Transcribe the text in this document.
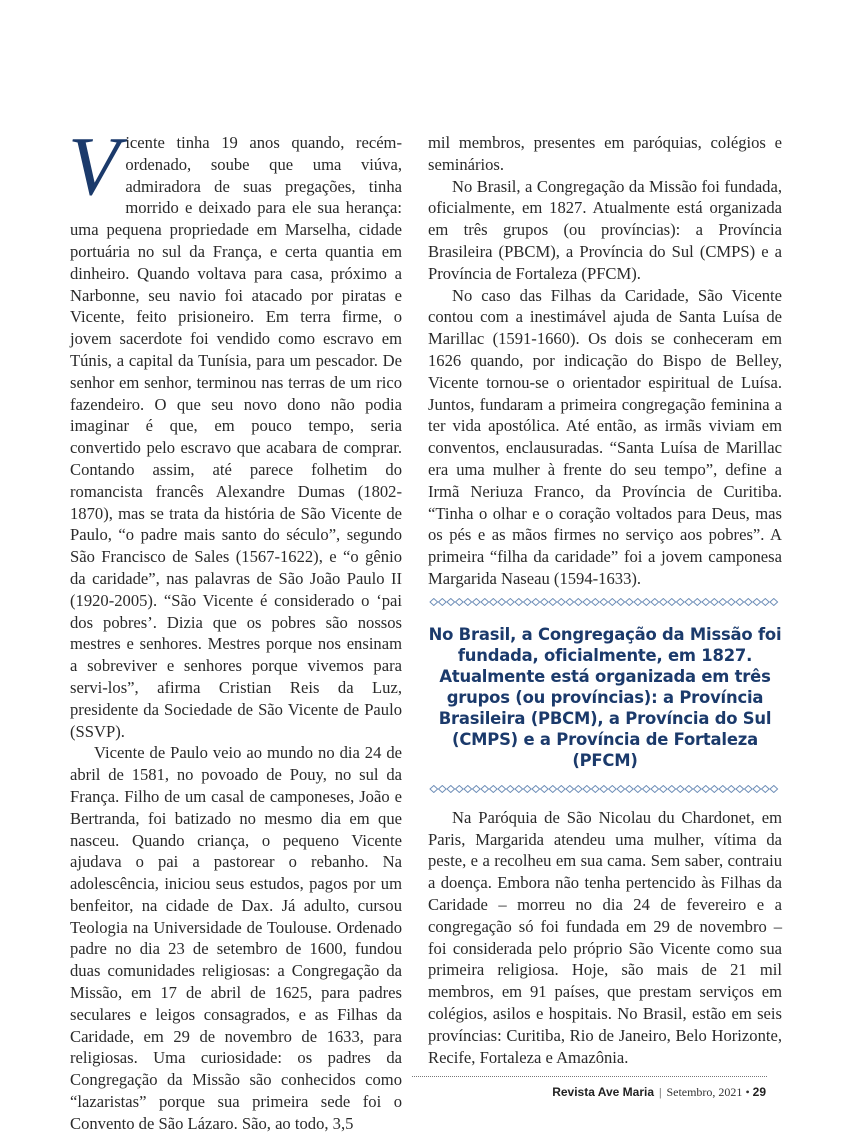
Vicente tinha 19 anos quando, recém-ordenado, soube que uma viúva, admiradora de suas pregações, tinha morrido e deixado para ele sua herança: uma pequena propriedade em Marselha, cidade portuária no sul da França, e certa quantia em dinheiro. Quando voltava para casa, próximo a Narbonne, seu navio foi atacado por piratas e Vicente, feito prisioneiro. Em terra firme, o jovem sacerdote foi vendido como escravo em Túnis, a capital da Tunísia, para um pescador. De senhor em senhor, terminou nas terras de um rico fazendeiro. O que seu novo dono não podia imaginar é que, em pouco tempo, seria convertido pelo escravo que acabara de comprar. Contando assim, até parece folhetim do romancista francês Alexandre Dumas (1802-1870), mas se trata da história de São Vicente de Paulo, “o padre mais santo do século”, segundo São Francisco de Sales (1567-1622), e “o gênio da caridade”, nas palavras de São João Paulo II (1920-2005). “São Vicente é considerado o ‘pai dos pobres’. Dizia que os pobres são nossos mestres e senhores. Mestres porque nos ensinam a sobreviver e senhores porque vivemos para servi-los”, afirma Cristian Reis da Luz, presidente da Sociedade de São Vicente de Paulo (SSVP).

Vicente de Paulo veio ao mundo no dia 24 de abril de 1581, no povoado de Pouy, no sul da França. Filho de um casal de camponeses, João e Bertranda, foi batizado no mesmo dia em que nasceu. Quando criança, o pequeno Vicente ajudava o pai a pastorear o rebanho. Na adolescência, iniciou seus estudos, pagos por um benfeitor, na cidade de Dax. Já adulto, cursou Teologia na Universidade de Toulouse. Ordenado padre no dia 23 de setembro de 1600, fundou duas comunidades religiosas: a Congregação da Missão, em 17 de abril de 1625, para padres seculares e leigos consagrados, e as Filhas da Caridade, em 29 de novembro de 1633, para religiosas. Uma curiosidade: os padres da Congregação da Missão são conhecidos como “lazaristas” porque sua primeira sede foi o Convento de São Lázaro. São, ao todo, 3,5

mil membros, presentes em paróquias, colégios e seminários.

No Brasil, a Congregação da Missão foi fundada, oficialmente, em 1827. Atualmente está organizada em três grupos (ou províncias): a Província Brasileira (PBCM), a Província do Sul (CMPS) e a Província de Fortaleza (PFCM).

No caso das Filhas da Caridade, São Vicente contou com a inestimável ajuda de Santa Luísa de Marillac (1591-1660). Os dois se conheceram em 1626 quando, por indicação do Bispo de Belley, Vicente tornou-se o orientador espiritual de Luísa. Juntos, fundaram a primeira congregação feminina a ter vida apostólica. Até então, as irmãs viviam em conventos, enclausuradas. “Santa Luísa de Marillac era uma mulher à frente do seu tempo”, define a Irmã Neriuza Franco, da Província de Curitiba. “Tinha o olhar e o coração voltados para Deus, mas os pés e as mãos firmes no serviço aos pobres”. A primeira “filha da caridade” foi a jovem camponesa Margarida Naseau (1594-1633).

No Brasil, a Congregação da Missão foi fundada, oficialmente, em 1827. Atualmente está organizada em três grupos (ou províncias): a Província Brasileira (PBCM), a Província do Sul (CMPS) e a Província de Fortaleza (PFCM)

Na Paróquia de São Nicolau du Chardonet, em Paris, Margarida atendeu uma mulher, vítima da peste, e a recolheu em sua cama. Sem saber, contraiu a doença. Embora não tenha pertencido às Filhas da Caridade – morreu no dia 24 de fevereiro e a congregação só foi fundada em 29 de novembro – foi considerada pelo próprio São Vicente como sua primeira religiosa. Hoje, são mais de 21 mil membros, em 91 países, que prestam serviços em colégios, asilos e hospitais. No Brasil, estão em seis províncias: Curitiba, Rio de Janeiro, Belo Horizonte, Recife, Fortaleza e Amazônia.

Revista Ave Maria | Setembro, 2021 • 29
